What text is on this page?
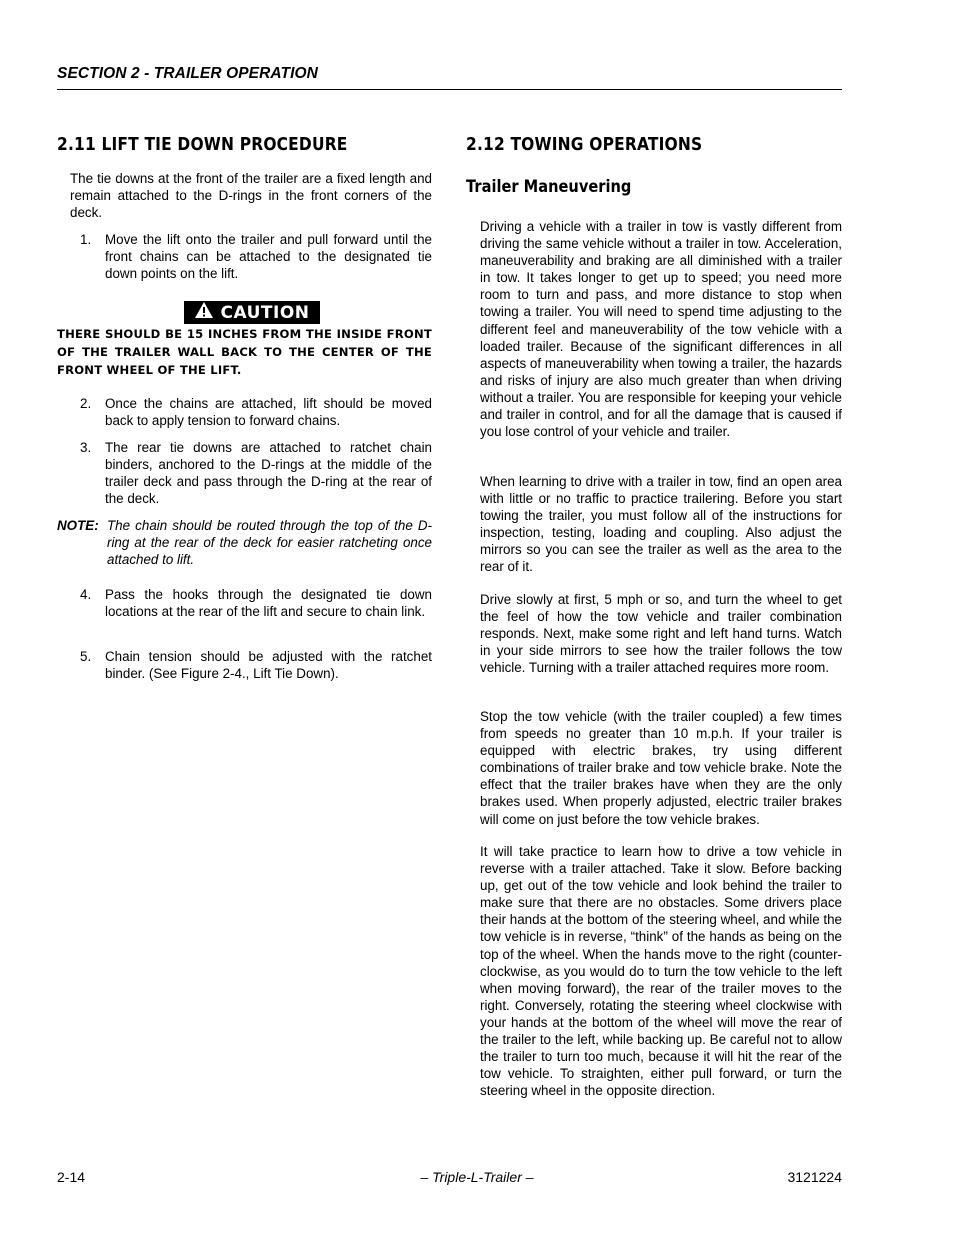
SECTION 2 - TRAILER OPERATION
2.11 LIFT TIE DOWN PROCEDURE
The tie downs at the front of the trailer are a fixed length and remain attached to the D-rings in the front corners of the deck.
1.	Move the lift onto the trailer and pull forward until the front chains can be attached to the designated tie down points on the lift.
CAUTION
THERE SHOULD BE 15 INCHES FROM THE INSIDE FRONT OF THE TRAILER WALL BACK TO THE CENTER OF THE FRONT WHEEL OF THE LIFT.
2.	Once the chains are attached, lift should be moved back to apply tension to forward chains.
3.	The rear tie downs are attached to ratchet chain binders, anchored to the D-rings at the middle of the trailer deck and pass through the D-ring at the rear of the deck.
NOTE: The chain should be routed through the top of the D-ring at the rear of the deck for easier ratcheting once attached to lift.
4.	Pass the hooks through the designated tie down locations at the rear of the lift and secure to chain link.
5.	Chain tension should be adjusted with the ratchet binder. (See Figure 2-4., Lift Tie Down).
2.12 TOWING OPERATIONS
Trailer Maneuvering
Driving a vehicle with a trailer in tow is vastly different from driving the same vehicle without a trailer in tow. Acceleration, maneuverability and braking are all diminished with a trailer in tow. It takes longer to get up to speed; you need more room to turn and pass, and more distance to stop when towing a trailer. You will need to spend time adjusting to the different feel and maneuverability of the tow vehicle with a loaded trailer. Because of the significant differences in all aspects of maneuverability when towing a trailer, the hazards and risks of injury are also much greater than when driving without a trailer. You are responsible for keeping your vehicle and trailer in control, and for all the damage that is caused if you lose control of your vehicle and trailer.
When learning to drive with a trailer in tow, find an open area with little or no traffic to practice trailering. Before you start towing the trailer, you must follow all of the instructions for inspection, testing, loading and coupling. Also adjust the mirrors so you can see the trailer as well as the area to the rear of it.
Drive slowly at first, 5 mph or so, and turn the wheel to get the feel of how the tow vehicle and trailer combination responds. Next, make some right and left hand turns. Watch in your side mirrors to see how the trailer follows the tow vehicle. Turning with a trailer attached requires more room.
Stop the tow vehicle (with the trailer coupled) a few times from speeds no greater than 10 m.p.h. If your trailer is equipped with electric brakes, try using different combinations of trailer brake and tow vehicle brake. Note the effect that the trailer brakes have when they are the only brakes used. When properly adjusted, electric trailer brakes will come on just before the tow vehicle brakes.
It will take practice to learn how to drive a tow vehicle in reverse with a trailer attached. Take it slow. Before backing up, get out of the tow vehicle and look behind the trailer to make sure that there are no obstacles. Some drivers place their hands at the bottom of the steering wheel, and while the tow vehicle is in reverse, “think” of the hands as being on the top of the wheel. When the hands move to the right (counter-clockwise, as you would do to turn the tow vehicle to the left when moving forward), the rear of the trailer moves to the right. Conversely, rotating the steering wheel clockwise with your hands at the bottom of the wheel will move the rear of the trailer to the left, while backing up. Be careful not to allow the trailer to turn too much, because it will hit the rear of the tow vehicle. To straighten, either pull forward, or turn the steering wheel in the opposite direction.
2-14	– Triple-L-Trailer –	3121224
